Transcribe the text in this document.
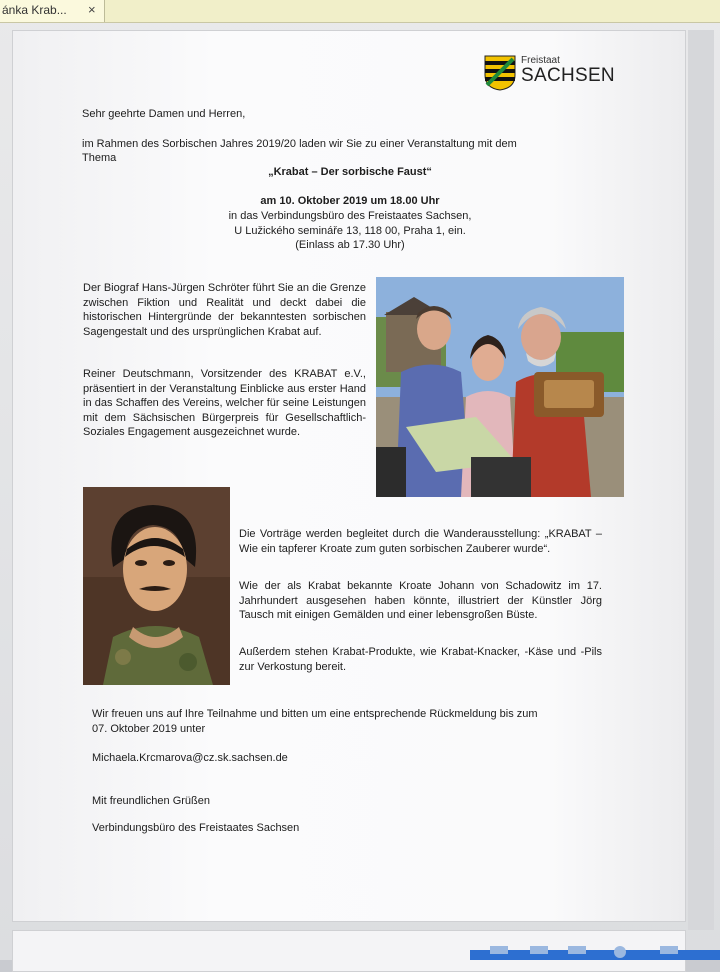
ánka Krab... ×
Freistaat
SACHSEN
Sehr geehrte Damen und Herren,
im Rahmen des Sorbischen Jahres 2019/20 laden wir Sie zu einer Veranstaltung mit dem
Thema
„Krabat – Der sorbische Faust“
am 10. Oktober 2019 um 18.00 Uhr
in das Verbindungsbüro des Freistaates Sachsen,
U Lužického semináře 13, 118 00, Praha 1, ein.
(Einlass ab 17.30 Uhr)
Der Biograf Hans-Jürgen Schröter führt Sie an die Grenze zwischen Fiktion und Realität und deckt dabei die historischen Hintergründe der bekanntesten sorbischen Sagengestalt und des ursprünglichen Krabat auf.
Reiner Deutschmann, Vorsitzender des KRABAT e.V., präsentiert in der Veranstaltung Einblicke aus erster Hand in das Schaffen des Vereins, welcher für seine Leistungen mit dem Sächsischen Bürgerpreis für Gesellschaftlich-Soziales Engagement ausgezeichnet wurde.
Die Vorträge werden begleitet durch die Wanderausstellung: „KRABAT – Wie ein tapferer Kroate zum guten sorbischen Zauberer wurde“.
Wie der als Krabat bekannte Kroate Johann von Schadowitz im 17. Jahrhundert ausgesehen haben könnte, illustriert der Künstler Jörg Tausch mit einigen Gemälden und einer lebensgroßen Büste.
Außerdem stehen Krabat-Produkte, wie Krabat-Knacker, -Käse und -Pils zur Verkostung bereit.
Wir freuen uns auf Ihre Teilnahme und bitten um eine entsprechende Rückmeldung bis zum
07. Oktober 2019 unter
Michaela.Krcmarova@cz.sk.sachsen.de
Mit freundlichen Grüßen
Verbindungsbüro des Freistaates Sachsen
